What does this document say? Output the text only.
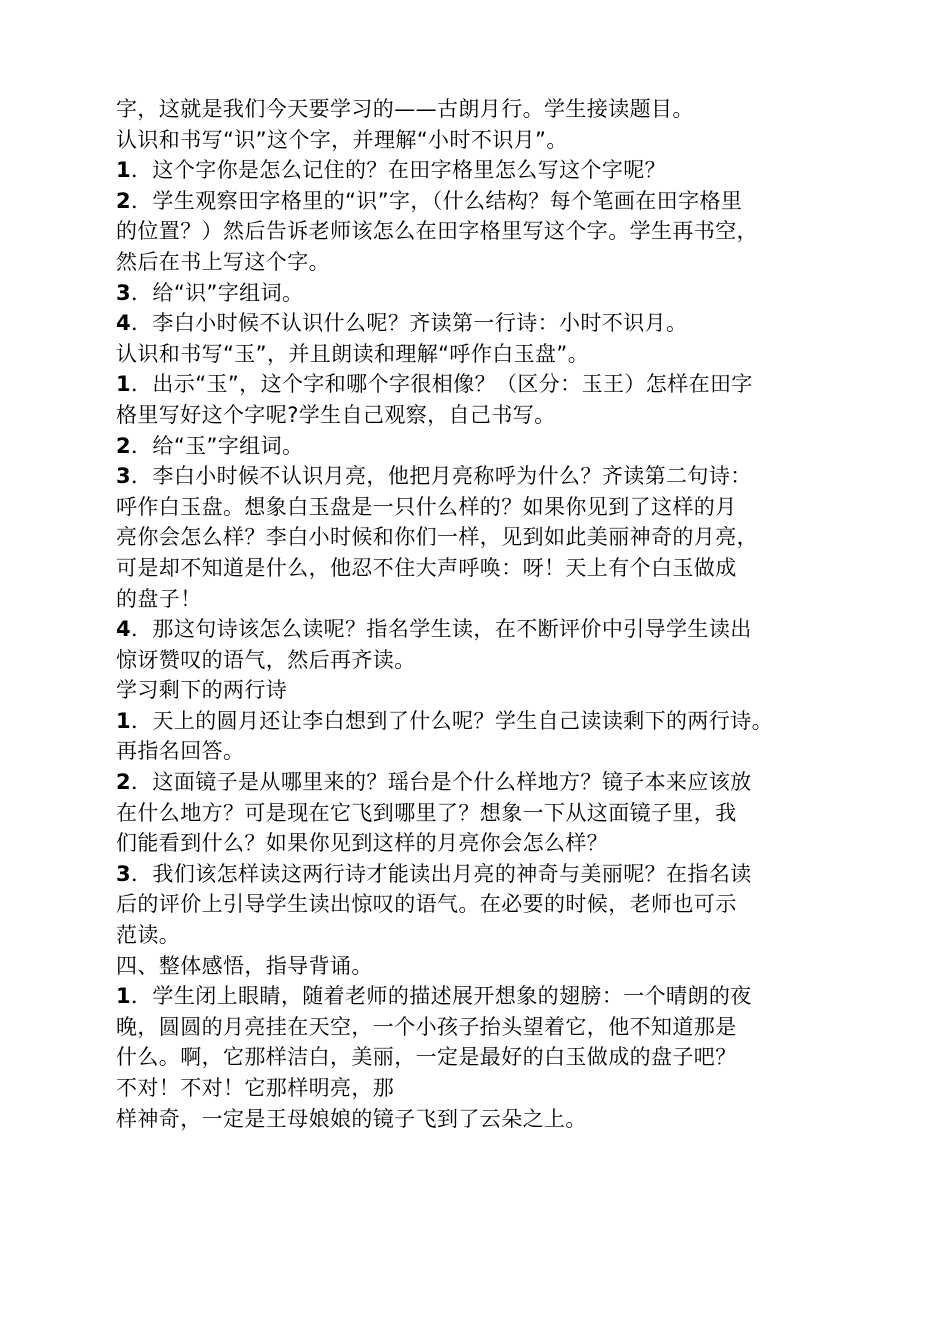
字，这就是我们今天要学习的——古朗月行。学生接读题目。
认识和书写“识”这个字，并理解“小时不识月”。
1．这个字你是怎么记住的？在田字格里怎么写这个字呢？
2．学生观察田字格里的“识”字，（什么结构？每个笔画在田字格里
的位置？）然后告诉老师该怎么在田字格里写这个字。学生再书空，
然后在书上写这个字。
3．给“识”字组词。
4．李白小时候不认识什么呢？齐读第一行诗：小时不识月。
认识和书写“玉”，并且朗读和理解“呼作白玉盘”。
1．出示“玉”，这个字和哪个字很相像？（区分：玉王）怎样在田字
格里写好这个字呢?学生自己观察，自己书写。
2．给“玉”字组词。
3．李白小时候不认识月亮，他把月亮称呼为什么？齐读第二句诗：
呼作白玉盘。想象白玉盘是一只什么样的？如果你见到了这样的月
亮你会怎么样？李白小时候和你们一样，见到如此美丽神奇的月亮，
可是却不知道是什么，他忍不住大声呼唤：呀！天上有个白玉做成
的盘子！
4．那这句诗该怎么读呢？指名学生读，在不断评价中引导学生读出
惊讶赞叹的语气，然后再齐读。
学习剩下的两行诗
1．天上的圆月还让李白想到了什么呢？学生自己读读剩下的两行诗。
再指名回答。
2．这面镜子是从哪里来的？瑶台是个什么样地方？镜子本来应该放
在什么地方？可是现在它飞到哪里了？想象一下从这面镜子里，我
们能看到什么？如果你见到这样的月亮你会怎么样？
3．我们该怎样读这两行诗才能读出月亮的神奇与美丽呢？在指名读
后的评价上引导学生读出惊叹的语气。在必要的时候，老师也可示
范读。
四、整体感悟，指导背诵。
1．学生闭上眼睛，随着老师的描述展开想象的翅膀：一个晴朗的夜
晚，圆圆的月亮挂在天空，一个小孩子抬头望着它，他不知道那是
什么。啊，它那样洁白，美丽，一定是最好的白玉做成的盘子吧？
不对！不对！它那样明亮，那
样神奇，一定是王母娘娘的镜子飞到了云朵之上。
